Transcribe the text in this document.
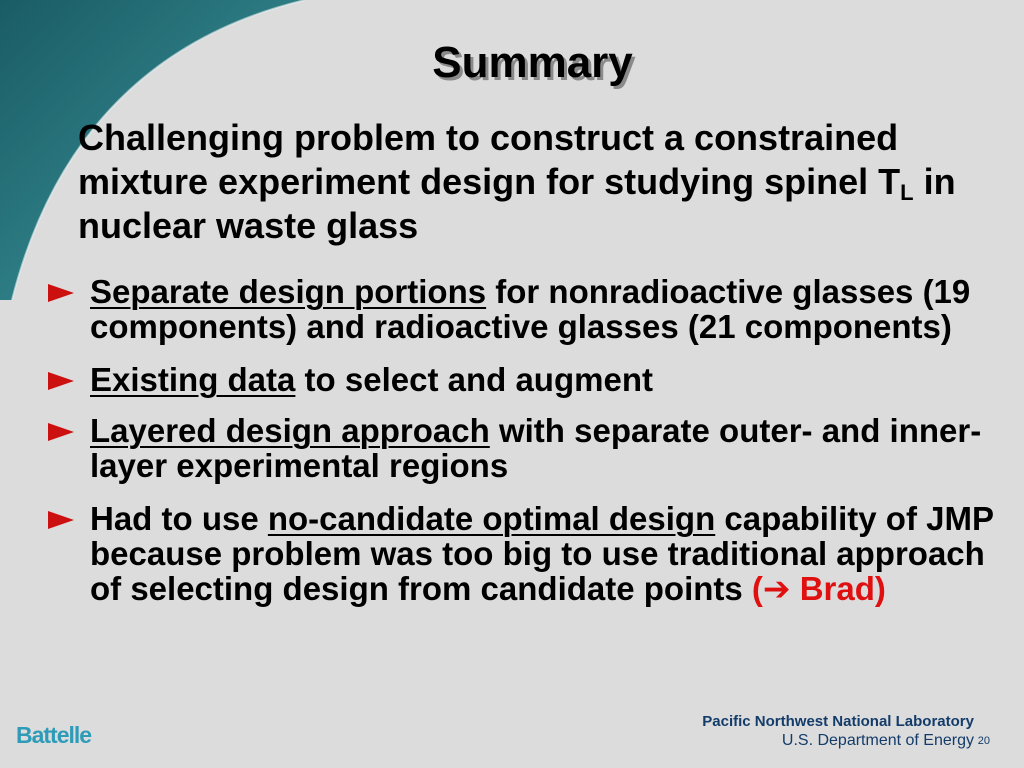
Summary
Challenging problem to construct a constrained mixture experiment design for studying spinel $T_L$ in nuclear waste glass
Separate design portions for nonradioactive glasses (19 components) and radioactive glasses (21 components)
Existing data to select and augment
Layered design approach with separate outer- and inner-layer experimental regions
Had to use no-candidate optimal design capability of JMP because problem was too big to use traditional approach of selecting design from candidate points (➔ Brad)
Battelle
Pacific Northwest National Laboratory
U.S. Department of Energy 20
